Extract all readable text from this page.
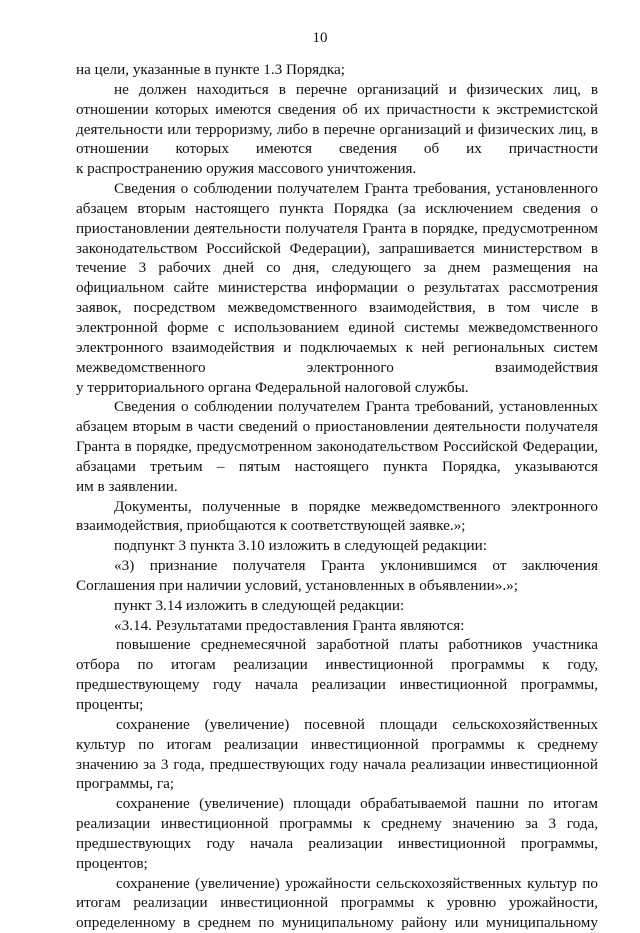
10

на цели, указанные в пункте 1.3 Порядка;

не должен находиться в перечне организаций и физических лиц, в отношении которых имеются сведения об их причастности к экстремистской деятельности или терроризму, либо в перечне организаций и физических лиц, в отношении которых имеются сведения об их причастности

к распространению оружия массового уничтожения.

Сведения о соблюдении получателем Гранта требования, установленного абзацем вторым настоящего пункта Порядка (за исключением сведения о приостановлении деятельности получателя Гранта в порядке, предусмотренном законодательством Российской Федерации), запрашивается министерством в течение 3 рабочих дней со дня, следующего за днем размещения на официальном сайте министерства информации о результатах рассмотрения заявок, посредством межведомственного взаимодействия, в том числе в электронной форме с использованием единой системы межведомственного электронного взаимодействия и подключаемых к ней региональных систем межведомственного электронного взаимодействия

у территориального органа Федеральной налоговой службы.

Сведения о соблюдении получателем Гранта требований, установленных абзацем вторым в части сведений о приостановлении деятельности получателя Гранта в порядке, предусмотренном законодательством Российской Федерации, абзацами третьим – пятым настоящего пункта Порядка, указываются

им в заявлении.

Документы, полученные в порядке межведомственного электронного

взаимодействия, приобщаются к соответствующей заявке.»;

подпункт 3 пункта 3.10 изложить в следующей редакции:

«3) признание получателя Гранта уклонившимся от заключения

Соглашения при наличии условий, установленных в объявлении».»;

пункт 3.14 изложить в следующей редакции:

«3.14. Результатами предоставления Гранта являются:

повышение среднемесячной заработной платы работников участника отбора по итогам реализации инвестиционной программы к году, предшествующему году начала реализации инвестиционной программы,

проценты;

сохранение (увеличение) посевной площади сельскохозяйственных культур по итогам реализации инвестиционной программы к среднему значению за 3 года, предшествующих году начала реализации инвестиционной

программы, га;

сохранение (увеличение) площади обрабатываемой пашни по итогам реализации инвестиционной программы к среднему значению за 3 года, предшествующих году начала реализации инвестиционной программы,

процентов;

сохранение (увеличение) урожайности сельскохозяйственных культур по итогам реализации инвестиционной программы к уровню урожайности, определенному в среднем по муниципальному району или муниципальному
